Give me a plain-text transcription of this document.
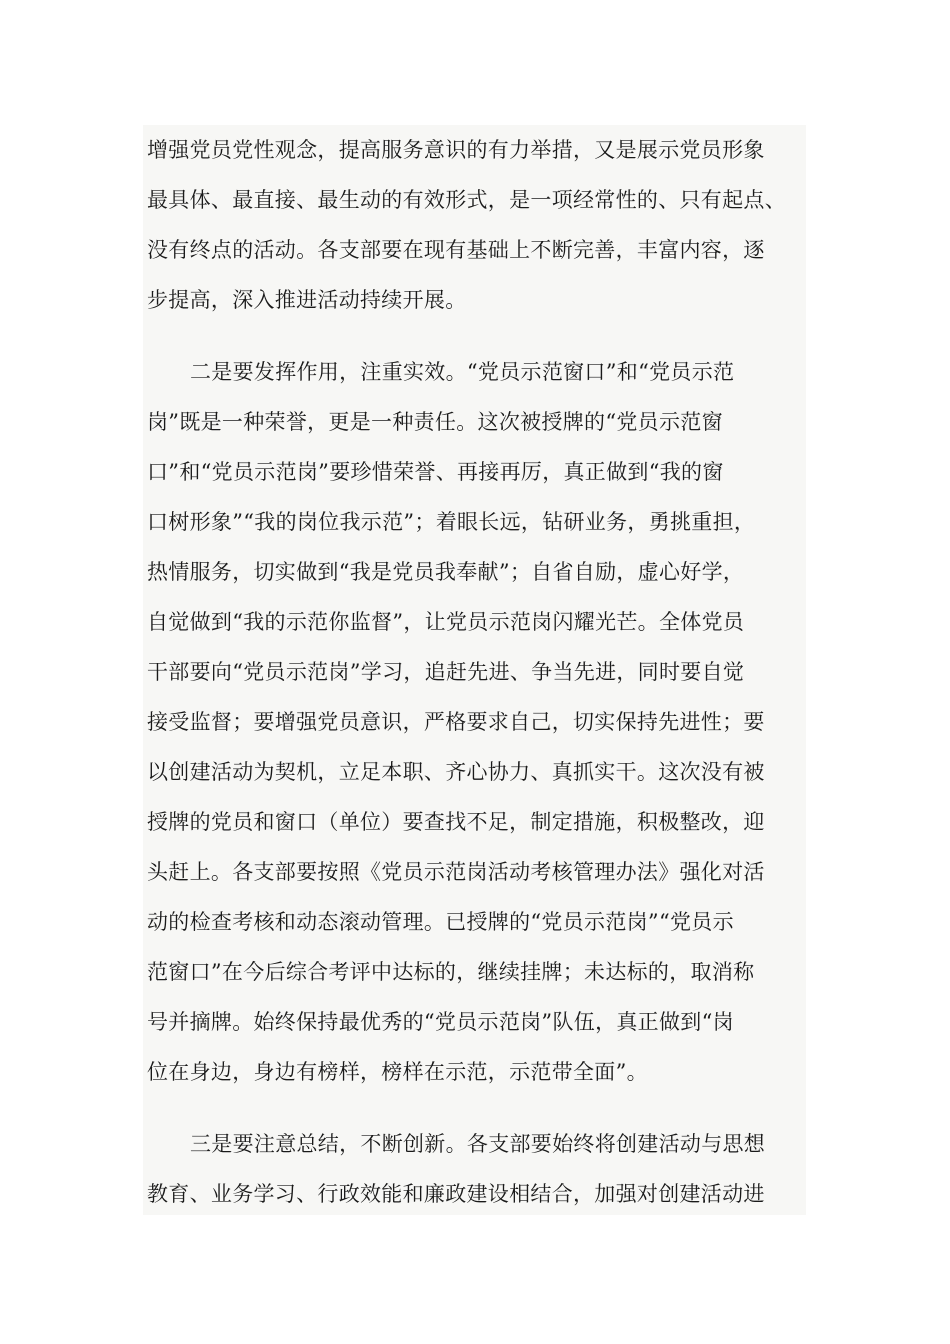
增强党员党性观念，提高服务意识的有力举措，又是展示党员形象
最具体、最直接、最生动的有效形式，是一项经常性的、只有起点、
没有终点的活动。各支部要在现有基础上不断完善，丰富内容，逐
步提高，深入推进活动持续开展。
二是要发挥作用，注重实效。“党员示范窗口”和“党员示范
岗”既是一种荣誉，更是一种责任。这次被授牌的“党员示范窗
口”和“党员示范岗”要珍惜荣誉、再接再厉，真正做到“我的窗
口树形象”“我的岗位我示范”；着眼长远，钻研业务，勇挑重担，
热情服务，切实做到“我是党员我奉献”；自省自励，虚心好学，
自觉做到“我的示范你监督”，让党员示范岗闪耀光芒。全体党员
干部要向“党员示范岗”学习，追赶先进、争当先进，同时要自觉
接受监督；要增强党员意识，严格要求自己，切实保持先进性；要
以创建活动为契机，立足本职、齐心协力、真抓实干。这次没有被
授牌的党员和窗口（单位）要查找不足，制定措施，积极整改，迎
头赶上。各支部要按照《党员示范岗活动考核管理办法》强化对活
动的检查考核和动态滚动管理。已授牌的“党员示范岗”“党员示
范窗口”在今后综合考评中达标的，继续挂牌；未达标的，取消称
号并摘牌。始终保持最优秀的“党员示范岗”队伍，真正做到“岗
位在身边，身边有榜样，榜样在示范，示范带全面”。
三是要注意总结，不断创新。各支部要始终将创建活动与思想
教育、业务学习、行政效能和廉政建设相结合，加强对创建活动进
